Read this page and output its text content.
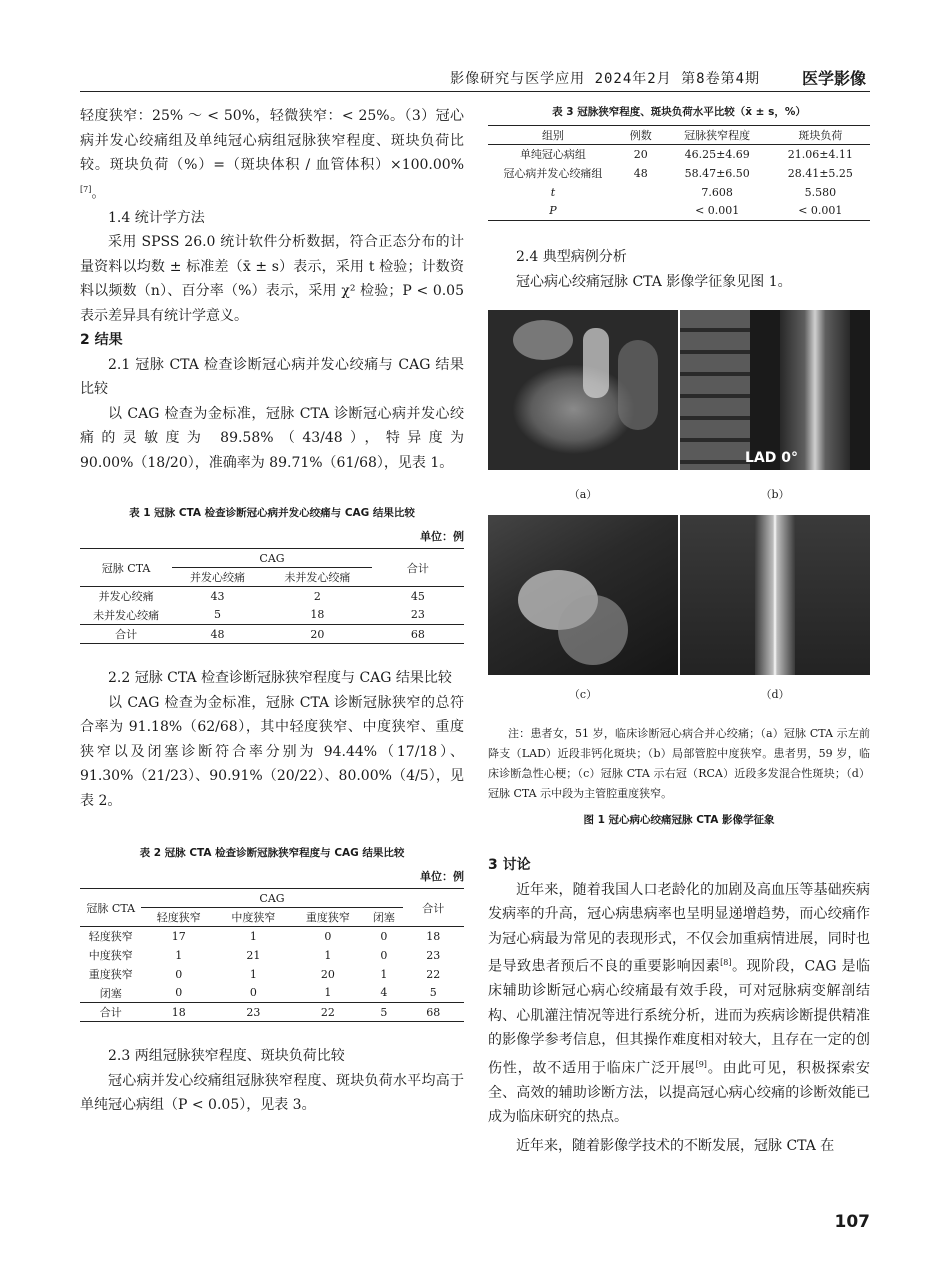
影像研究与医学应用 2024年2月 第8卷第4期	医学影像

轻度狭窄：25% ～ < 50%，轻微狭窄：< 25%。（3）冠心病并发心绞痛组及单纯冠心病组冠脉狭窄程度、斑块负荷比较。斑块负荷（%）=（斑块体积 / 血管体积）×100.00%[7]。

1.4 统计学方法

采用 SPSS 26.0 统计软件分析数据，符合正态分布的计量资料以均数 ± 标准差（x̄ ± s）表示，采用 t 检验；计数资料以频数（n）、百分率（%）表示，采用 χ² 检验；P < 0.05 表示差异具有统计学意义。

2 结果

2.1 冠脉 CTA 检查诊断冠心病并发心绞痛与 CAG 结果比较

以 CAG 检查为金标准，冠脉 CTA 诊断冠心病并发心绞痛的灵敏度为 89.58%（43/48），特异度为 90.00%（18/20），准确率为 89.71%（61/68），见表 1。

表 1 冠脉 CTA 检查诊断冠心病并发心绞痛与 CAG 结果比较
单位：例
冠脉 CTA	CAG		合计
	并发心绞痛	未并发心绞痛	
并发心绞痛	43	2	45
未并发心绞痛	5	18	23
合计	48	20	68

2.2 冠脉 CTA 检查诊断冠脉狭窄程度与 CAG 结果比较

以 CAG 检查为金标准，冠脉 CTA 诊断冠脉狭窄的总符合率为 91.18%（62/68），其中轻度狭窄、中度狭窄、重度狭窄以及闭塞诊断符合率分别为 94.44%（17/18）、91.30%（21/23）、90.91%（20/22）、80.00%（4/5），见表 2。

表 2 冠脉 CTA 检查诊断冠脉狭窄程度与 CAG 结果比较
单位：例
冠脉 CTA	CAG				合计
	轻度狭窄	中度狭窄	重度狭窄	闭塞	
轻度狭窄	17	1	0	0	18
中度狭窄	1	21	1	0	23
重度狭窄	0	1	20	1	22
闭塞	0	0	1	4	5
合计	18	23	22	5	68
2.3 两组冠脉狭窄程度、斑块负荷比较

冠心病并发心绞痛组冠脉狭窄程度、斑块负荷水平均高于单纯冠心病组（P < 0.05），见表 3。

表 3 冠脉狭窄程度、斑块负荷水平比较（x̄ ± s，%）
组别	例数	冠脉狭窄程度	斑块负荷
单纯冠心病组	20	46.25±4.69	21.06±4.11
冠心病并发心绞痛组	48	58.47±6.50	28.41±5.25
t		7.608	5.580
P		< 0.001	< 0.001
2.4 典型病例分析

冠心病心绞痛冠脉 CTA 影像学征象见图 1。

LAD 0°
（a）	（b）
（c）	（d）

注：患者女，51 岁，临床诊断冠心病合并心绞痛；（a）冠脉 CTA 示左前降支（LAD）近段非钙化斑块；（b）局部管腔中度狭窄。患者男，59 岁，临床诊断急性心梗；（c）冠脉 CTA 示右冠（RCA）近段多发混合性斑块；（d）冠脉 CTA 示中段为主管腔重度狭窄。

图 1 冠心病心绞痛冠脉 CTA 影像学征象
3 讨论

近年来，随着我国人口老龄化的加剧及高血压等基础疾病发病率的升高，冠心病患病率也呈明显递增趋势，而心绞痛作为冠心病最为常见的表现形式，不仅会加重病情进展，同时也是导致患者预后不良的重要影响因素[8]。现阶段，CAG 是临床辅助诊断冠心病心绞痛最有效手段，可对冠脉病变解剖结构、心肌灌注情况等进行系统分析，进而为疾病诊断提供精准的影像学参考信息，但其操作难度相对较大，且存在一定的创伤性，故不适用于临床广泛开展[9]。由此可见，积极探索安全、高效的辅助诊断方法，以提高冠心病心绞痛的诊断效能已成为临床研究的热点。

近年来，随着影像学技术的不断发展，冠脉 CTA 在

107
